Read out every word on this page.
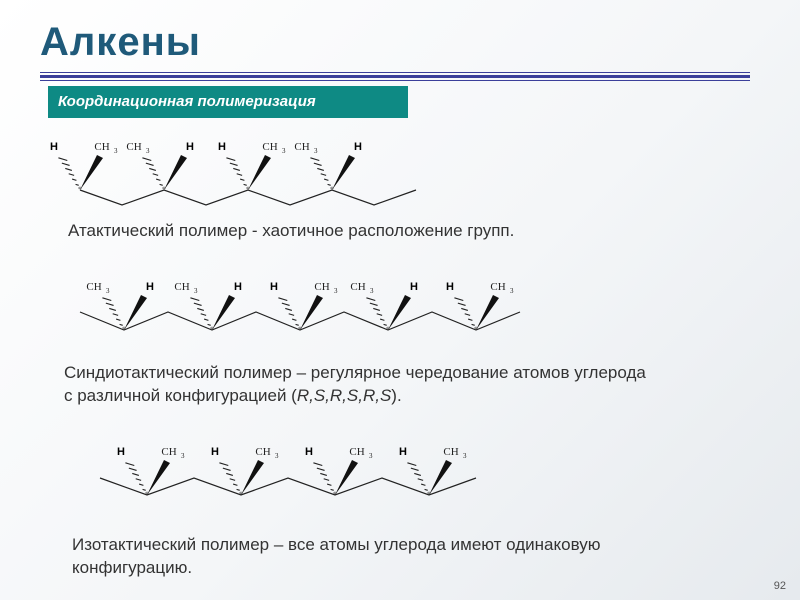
Алкены
Координационная полимеризация
*
H	CH 3
*
CH 3	H
*
H	CH 3
*
CH 3	H
*
CH 3	H
*
CH 3	H
*
H	CH 3
*
CH 3	H
*
H	CH 3
*
H	CH 3
*
H	CH 3
*
H	CH 3
*
H	CH 3
Атактический полимер - хаотичное расположение групп.
Синдиотактический полимер – регулярное чередование атомов углерода
с различной конфигурацией (R,S,R,S,R,S).
Изотактический полимер – все атомы углерода имеют одинаковую
конфигурацию.
92
